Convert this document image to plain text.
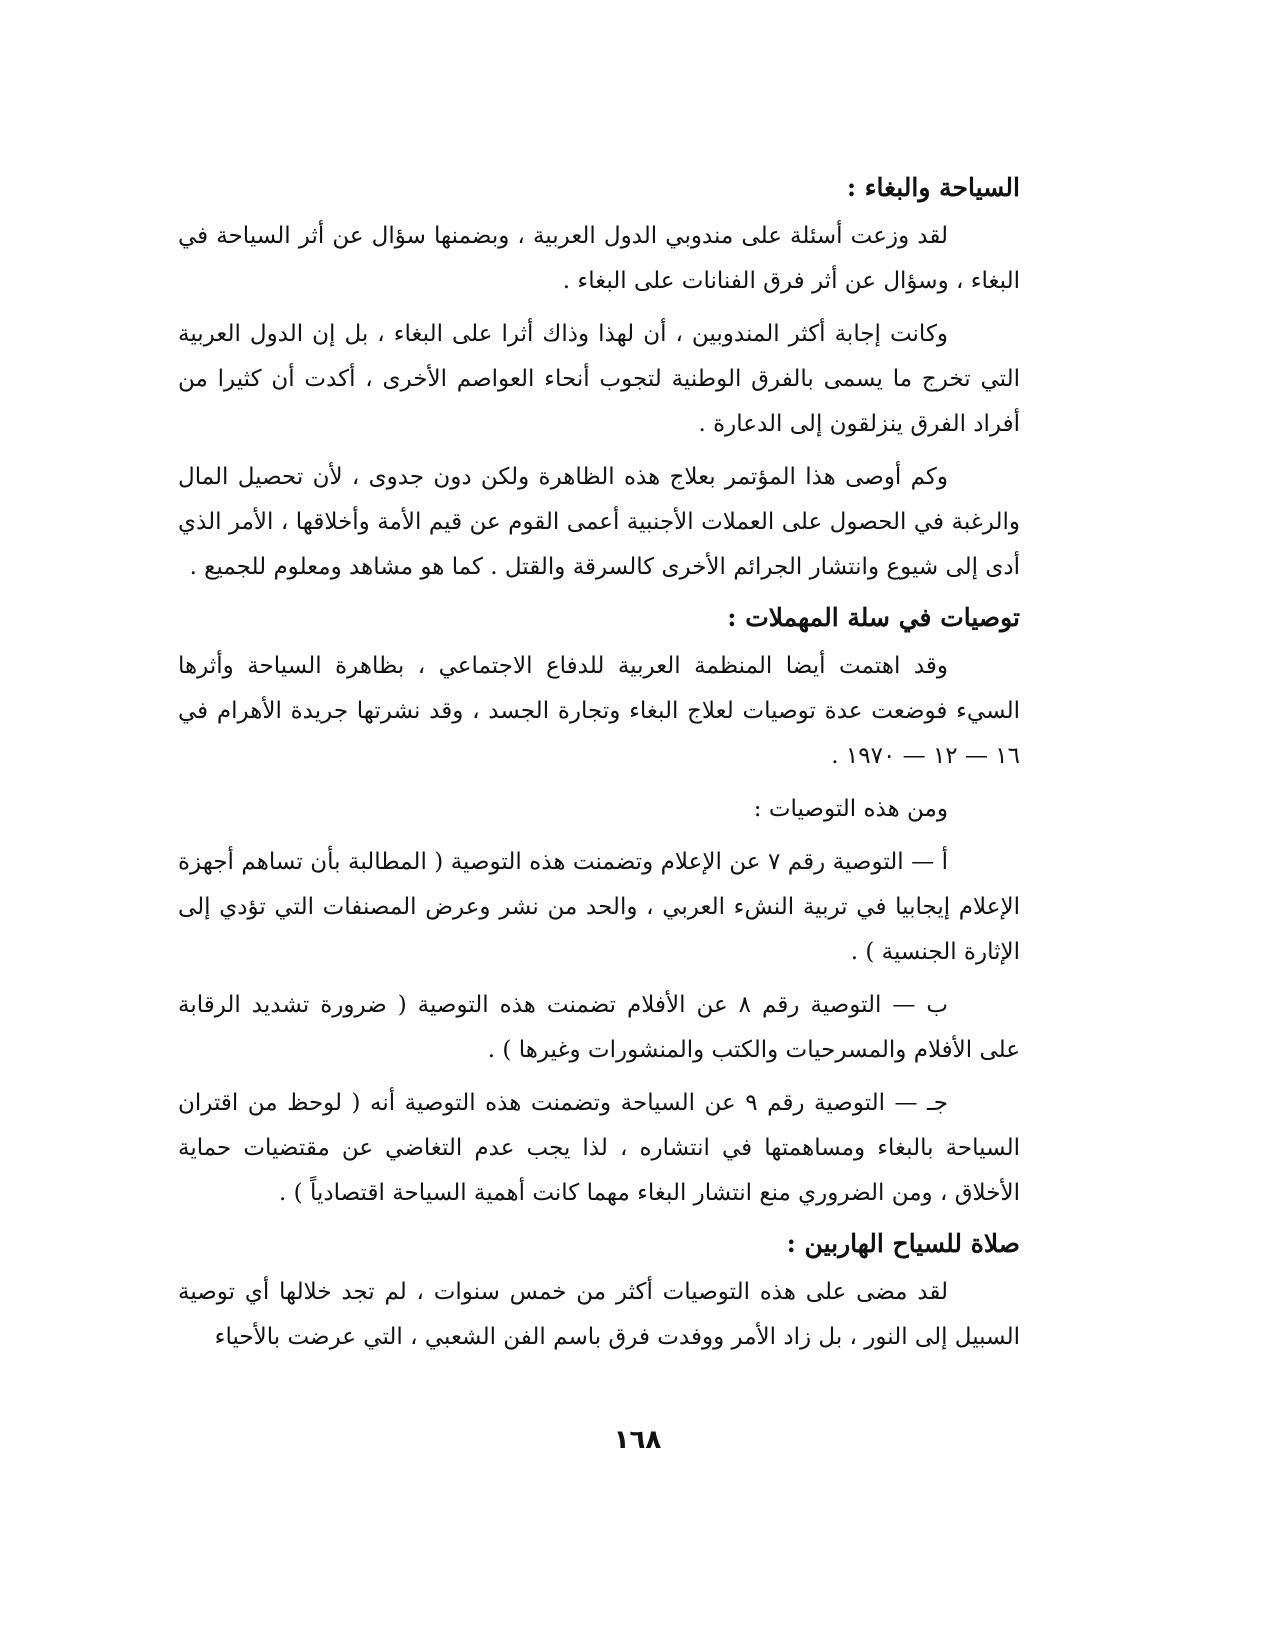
السياحة والبغاء :

لقد وزعت أسئلة على مندوبي الدول العربية ، وبضمنها سؤال عن أثر السياحة في البغاء ، وسؤال عن أثر فرق الفنانات على البغاء .

وكانت إجابة أكثر المندوبين ، أن لهذا وذاك أثرا على البغاء ، بل إن الدول العربية التي تخرج ما يسمى بالفرق الوطنية لتجوب أنحاء العواصم الأخرى ، أكدت أن كثيرا من أفراد الفرق ينزلقون إلى الدعارة .

وكم أوصى هذا المؤتمر بعلاج هذه الظاهرة ولكن دون جدوى ، لأن تحصيل المال والرغبة في الحصول على العملات الأجنبية أعمى القوم عن قيم الأمة وأخلاقها ، الأمر الذي أدى إلى شيوع وانتشار الجرائم الأخرى كالسرقة والقتل . كما هو مشاهد ومعلوم للجميع .

توصيات في سلة المهملات :

وقد اهتمت أيضا المنظمة العربية للدفاع الاجتماعي ، بظاهرة السياحة وأثرها السيء فوضعت عدة توصيات لعلاج البغاء وتجارة الجسد ، وقد نشرتها جريدة الأهرام في ١٦ — ١٢ — ١٩٧٠ .

ومن هذه التوصيات :

أ — التوصية رقم ٧ عن الإعلام وتضمنت هذه التوصية ( المطالبة بأن تساهم أجهزة الإعلام إيجابيا في تربية النشء العربي ، والحد من نشر وعرض المصنفات التي تؤدي إلى الإثارة الجنسية ) .

ب — التوصية رقم ٨ عن الأفلام تضمنت هذه التوصية ( ضرورة تشديد الرقابة على الأفلام والمسرحيات والكتب والمنشورات وغيرها ) .

جـ — التوصية رقم ٩ عن السياحة وتضمنت هذه التوصية أنه ( لوحظ من اقتران السياحة بالبغاء ومساهمتها في انتشاره ، لذا يجب عدم التغاضي عن مقتضيات حماية الأخلاق ، ومن الضروري منع انتشار البغاء مهما كانت أهمية السياحة اقتصادياً ) .

صلاة للسياح الهاربين :

لقد مضى على هذه التوصيات أكثر من خمس سنوات ، لم تجد خلالها أي توصية السبيل إلى النور ، بل زاد الأمر ووفدت فرق باسم الفن الشعبي ، التي عرضت بالأحياء

١٦٨
